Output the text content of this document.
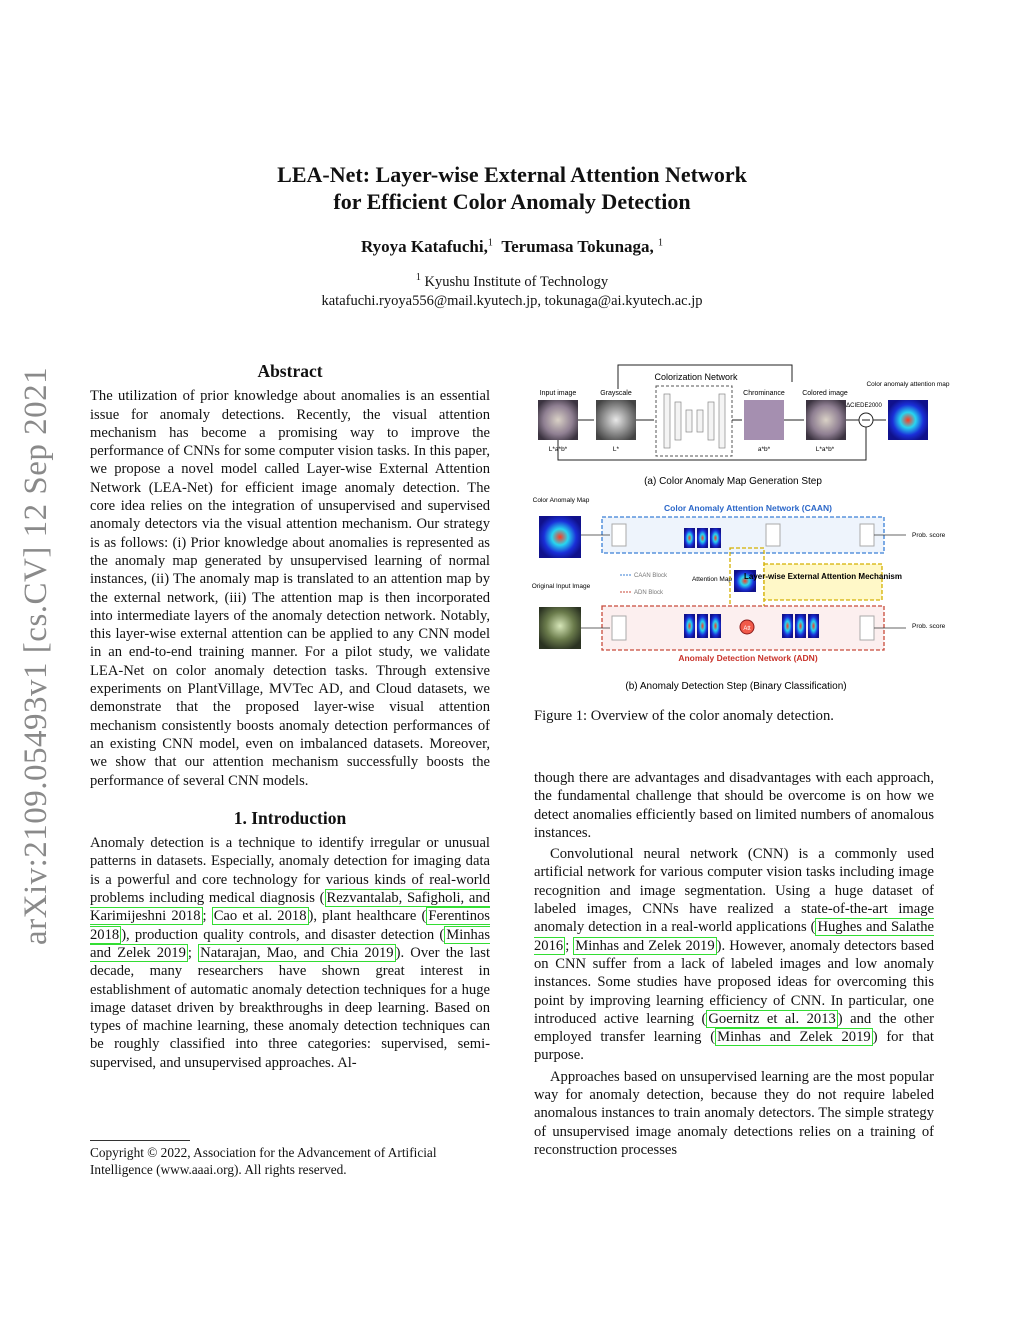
arXiv:2109.05493v1 [cs.CV] 12 Sep 2021
LEA-Net: Layer-wise External Attention Network
for Efficient Color Anomaly Detection
Ryoya Katafuchi,$^1$ Terumasa Tokunaga, $^1$
$^1$ Kyushu Institute of Technology
katafuchi.ryoya556@mail.kyutech.jp, tokunaga@ai.kyutech.ac.jp
Abstract

The utilization of prior knowledge about anomalies is an essential issue for anomaly detections. Recently, the visual attention mechanism has become a promising way to improve the performance of CNNs for some computer vision tasks. In this paper, we propose a novel model called Layer-wise External Attention Network (LEA-Net) for efficient image anomaly detection. The core idea relies on the integration of unsupervised and supervised anomaly detectors via the visual attention mechanism. Our strategy is as follows: (i) Prior knowledge about anomalies is represented as the anomaly map generated by unsupervised learning of normal instances, (ii) The anomaly map is translated to an attention map by the external network, (iii) The attention map is then incorporated into intermediate layers of the anomaly detection network. Notably, this layer-wise external attention can be applied to any CNN model in an end-to-end training manner. For a pilot study, we validate LEA-Net on color anomaly detection tasks. Through extensive experiments on PlantVillage, MVTec AD, and Cloud datasets, we demonstrate that the proposed layer-wise visual attention mechanism consistently boosts anomaly detection performances of an existing CNN model, even on imbalanced datasets. Moreover, we show that our attention mechanism successfully boosts the performance of several CNN models.

1. Introduction

Anomaly detection is a technique to identify irregular or unusual patterns in datasets. Especially, anomaly detection for imaging data is a powerful and core technology for various kinds of real-world problems including medical diagnosis ( Rezvantalab, Safigholi, and Karimijeshni 2018 ; Cao et al. 2018 ), plant healthcare ( Ferentinos 2018 ), production quality controls, and disaster detection ( Minhas and Zelek 2019 ; Natarajan, Mao, and Chia 2019 ). Over the last decade, many researchers have shown great interest in establishment of automatic anomaly detection techniques for a huge image dataset driven by breakthroughs in deep learning. Based on types of machine learning, these anomaly detection techniques can be roughly classified into three categories: supervised, semi-supervised, and unsupervised approaches. Al-

Copyright © 2022, Association for the Advancement of Artificial Intelligence (www.aaai.org). All rights reserved.
Colorization Network
Input image	Grayscale	Chrominance Colored image
Color anomaly attention map
ΔCIEDE2000
L*a*b*	L*	a*b*	L*a*b*
(a) Color Anomaly Map Generation Step
Color Anomaly Map
Color Anomaly Attention Network (CAAN)
Prob. score
CAAN Block
ADN Block
Attention Map Layer-wise External Attention Mechanism
Original Input Image
Att	Prob. score
Anomaly Detection Network (ADN)
(b) Anomaly Detection Step (Binary Classification)
Figure 1: Overview of the color anomaly detection.

though there are advantages and disadvantages with each approach, the fundamental challenge that should be overcome is on how we detect anomalies efficiently based on limited numbers of anomalous instances.

Convolutional neural network (CNN) is a commonly used artificial network for various computer vision tasks including image recognition and image segmentation. Using a huge dataset of labeled images, CNNs have realized a state-of-the-art image anomaly detection in a real-world applications ( Hughes and Salathe 2016 ; Minhas and Zelek 2019 ). However, anomaly detectors based on CNN suffer from a lack of labeled images and low anomaly instances. Some studies have proposed ideas for overcoming this point by improving learning efficiency of CNN. In particular, one introduced active learning ( Goernitz et al. 2013 ) and the other employed transfer learning ( Minhas and Zelek 2019 ) for that purpose.

Approaches based on unsupervised learning are the most popular way for anomaly detection, because they do not require labeled anomalous instances to train anomaly detectors. The simple strategy of unsupervised image anomaly detections relies on a training of reconstruction processes
